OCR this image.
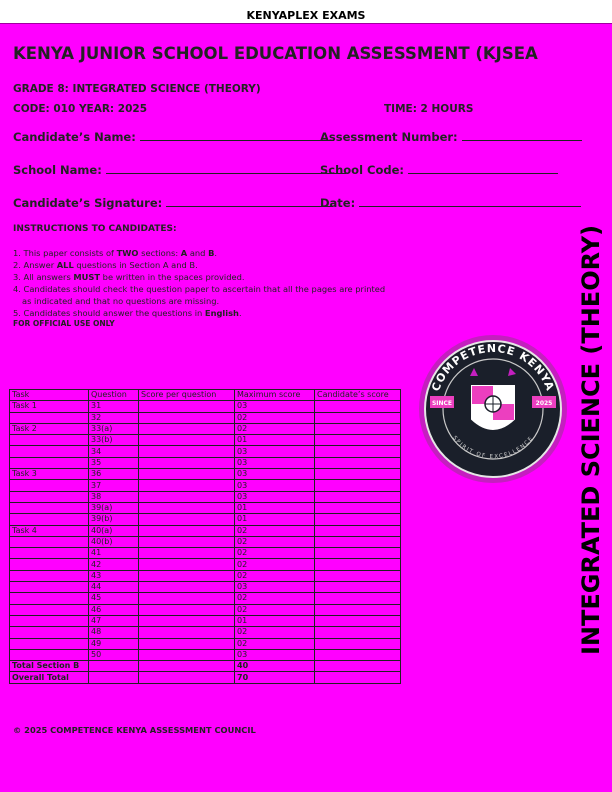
KENYAPLEX EXAMS
KENYA JUNIOR SCHOOL EDUCATION ASSESSMENT (KJSEA
GRADE 8: INTEGRATED SCIENCE (THEORY)
CODE: 010 YEAR: 2025	TIME: 2 HOURS
Candidate’s Name:	Assessment Number:
School Name:	School Code:
Candidate’s Signature:	Date:
INSTRUCTIONS TO CANDIDATES:
1. This paper consists of TWO sections: A and B.
2. Answer ALL questions in Section A and B.
3. All answers MUST be written in the spaces provided.
4. Candidates should check the question paper to ascertain that all the pages are printed
as indicated and that no questions are missing.
5. Candidates should answer the questions in English.
FOR OFFICIAL USE ONLY
Task	Question	Score per question	Maximum score	Candidate’s score
Task 1	31		03	
	32		02	
Task 2	33(a)		02	
	33(b)		01	
	34		03	
	35		03	
Task 3	36		03	
	37		03	
	38		03	
	39(a)		01	
	39(b)		01	
Task 4	40(a)		02	
	40(b)		02	
	41		02	
	42		02	
	43		02	
	44		03	
	45		02	
	46		02	
	47		01	
	48		02	
	49		02	
	50		03	
Total Section B			40	
Overall Total			70	
© 2025 COMPETENCE KENYA ASSESSMENT COUNCIL
INTEGRATED SCIENCE (THEORY)
COMPETENCE KENYA
SPIRIT OF EXCELLENCE
SINCE	2025
